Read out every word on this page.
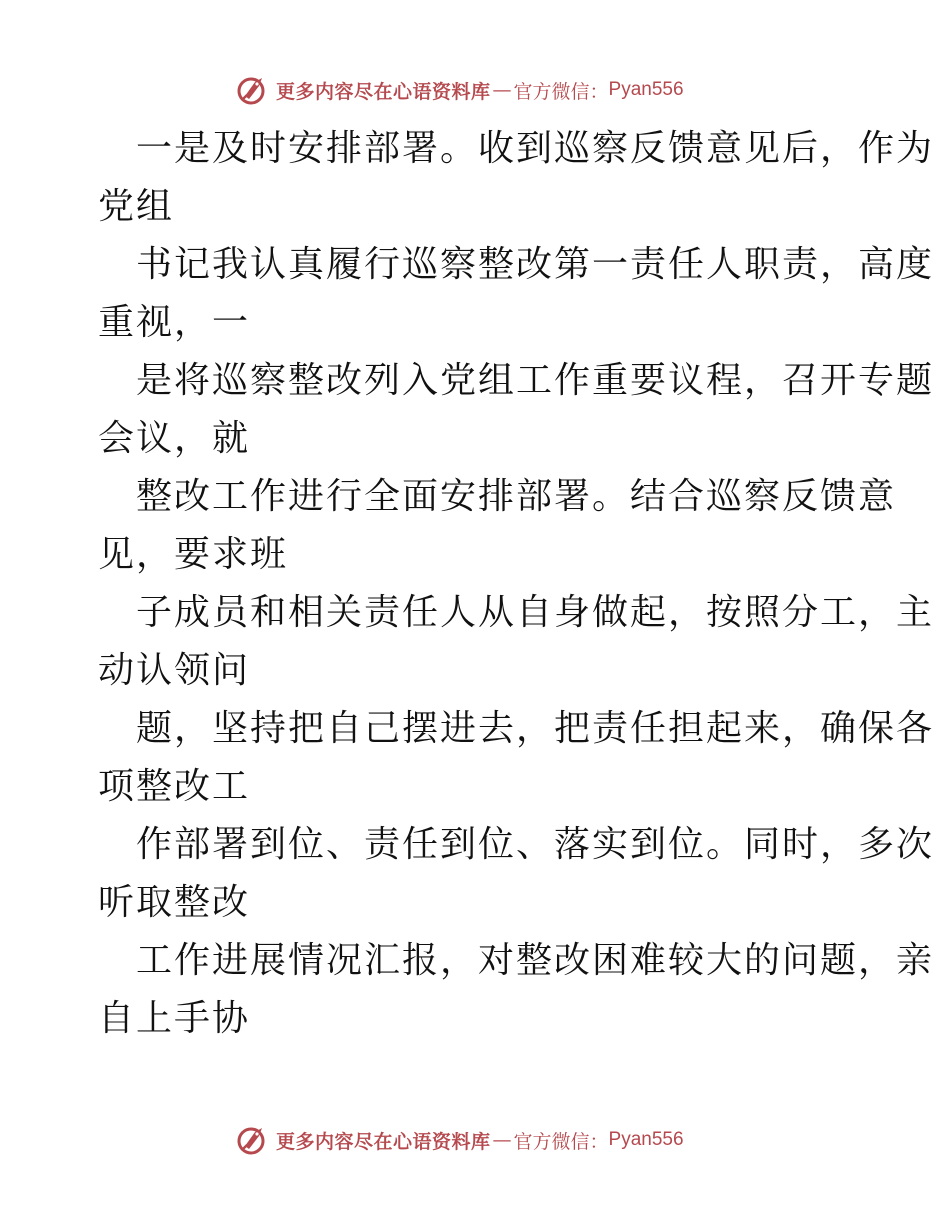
更多内容尽在心语资料库 — 官方微信： Pyan556
一是及时安排部署。收到巡察反馈意见后，作为
党组
书记我认真履行巡察整改第一责任人职责，高度
重视，一
是将巡察整改列入党组工作重要议程，召开专题
会议，就
整改工作进行全面安排部署。结合巡察反馈意
见，要求班
子成员和相关责任人从自身做起，按照分工，主
动认领问
题，坚持把自己摆进去，把责任担起来，确保各
项整改工
作部署到位、责任到位、落实到位。同时，多次
听取整改
工作进展情况汇报，对整改困难较大的问题，亲
自上手协
更多内容尽在心语资料库 — 官方微信： Pyan556
